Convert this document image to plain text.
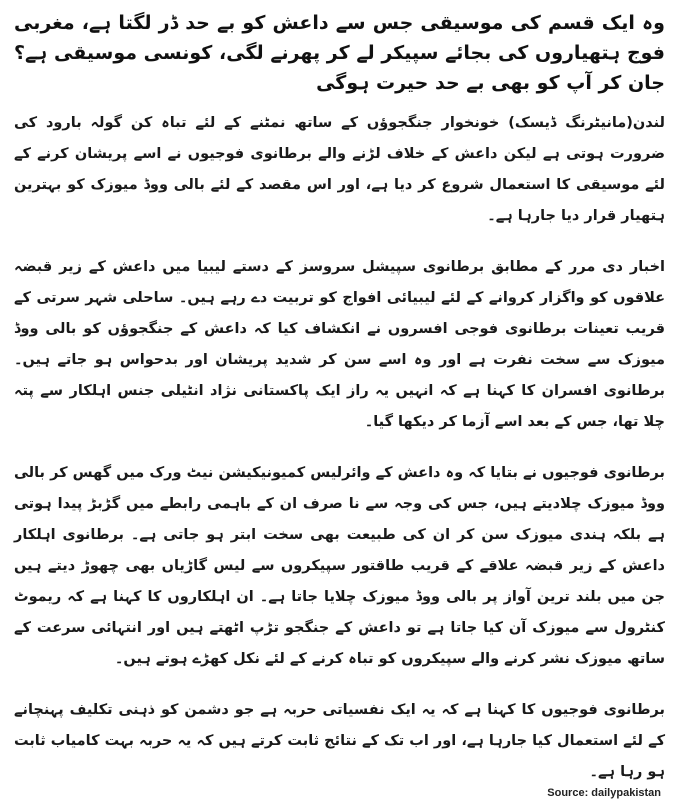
وہ ایک قسم کی موسیقی جس سے داعش کو بے حد ڈر لگتا ہے، مغربی فوج ہتھیاروں کی بجائے سپیکر لے کر پھرنے لگی، کونسی موسیقی ہے؟ جان کر آپ کو بھی بے حد حیرت ہوگی

لندن(مانیٹرنگ ڈیسک) خونخوار جنگجوؤں کے ساتھ نمٹنے کے لئے تباہ کن گولہ بارود کی ضرورت ہوتی ہے لیکن داعش کے خلاف لڑنے والے برطانوی فوجیوں نے اسے پریشان کرنے کے لئے موسیقی کا استعمال شروع کر دیا ہے، اور اس مقصد کے لئے بالی ووڈ میوزک کو بہترین ہتھیار قرار دیا جارہا ہے۔

اخبار دی مرر کے مطابق برطانوی سپیشل سروسز کے دستے لیبیا میں داعش کے زیر قبضہ علاقوں کو واگزار کروانے کے لئے لیبیائی افواج کو تربیت دے رہے ہیں۔ ساحلی شہر سرتی کے قریب تعینات برطانوی فوجی افسروں نے انکشاف کیا کہ داعش کے جنگجوؤں کو بالی ووڈ میوزک سے سخت نفرت ہے اور وہ اسے سن کر شدید پریشان اور بدحواس ہو جاتے ہیں۔ برطانوی افسران کا کہنا ہے کہ انہیں یہ راز ایک پاکستانی نژاد انٹیلی جنس اہلکار سے پتہ چلا تھا، جس کے بعد اسے آزما کر دیکھا گیا۔

برطانوی فوجیوں نے بتایا کہ وہ داعش کے وائرلیس کمیونیکیشن نیٹ ورک میں گھس کر بالی ووڈ میوزک چلادیتے ہیں، جس کی وجہ سے نا صرف ان کے باہمی رابطے میں گڑبڑ پیدا ہوتی ہے بلکہ ہندی میوزک سن کر ان کی طبیعت بھی سخت ابتر ہو جاتی ہے۔ برطانوی اہلکار داعش کے زیر قبضہ علاقے کے قریب طاقتور سپیکروں سے لیس گاڑیاں بھی چھوڑ دیتے ہیں جن میں بلند ترین آواز پر بالی ووڈ میوزک چلایا جاتا ہے۔ ان اہلکاروں کا کہنا ہے کہ ریموٹ کنٹرول سے میوزک آن کیا جاتا ہے تو داعش کے جنگجو تڑپ اٹھتے ہیں اور انتہائی سرعت کے ساتھ میوزک نشر کرنے والے سپیکروں کو تباہ کرنے کے لئے نکل کھڑے ہوتے ہیں۔

برطانوی فوجیوں کا کہنا ہے کہ یہ ایک نفسیاتی حربہ ہے جو دشمن کو ذہنی تکلیف پہنچانے کے لئے استعمال کیا جارہا ہے، اور اب تک کے نتائج ثابت کرتے ہیں کہ یہ حربہ بہت کامیاب ثابت ہو رہا ہے۔

Source: dailypakistan
